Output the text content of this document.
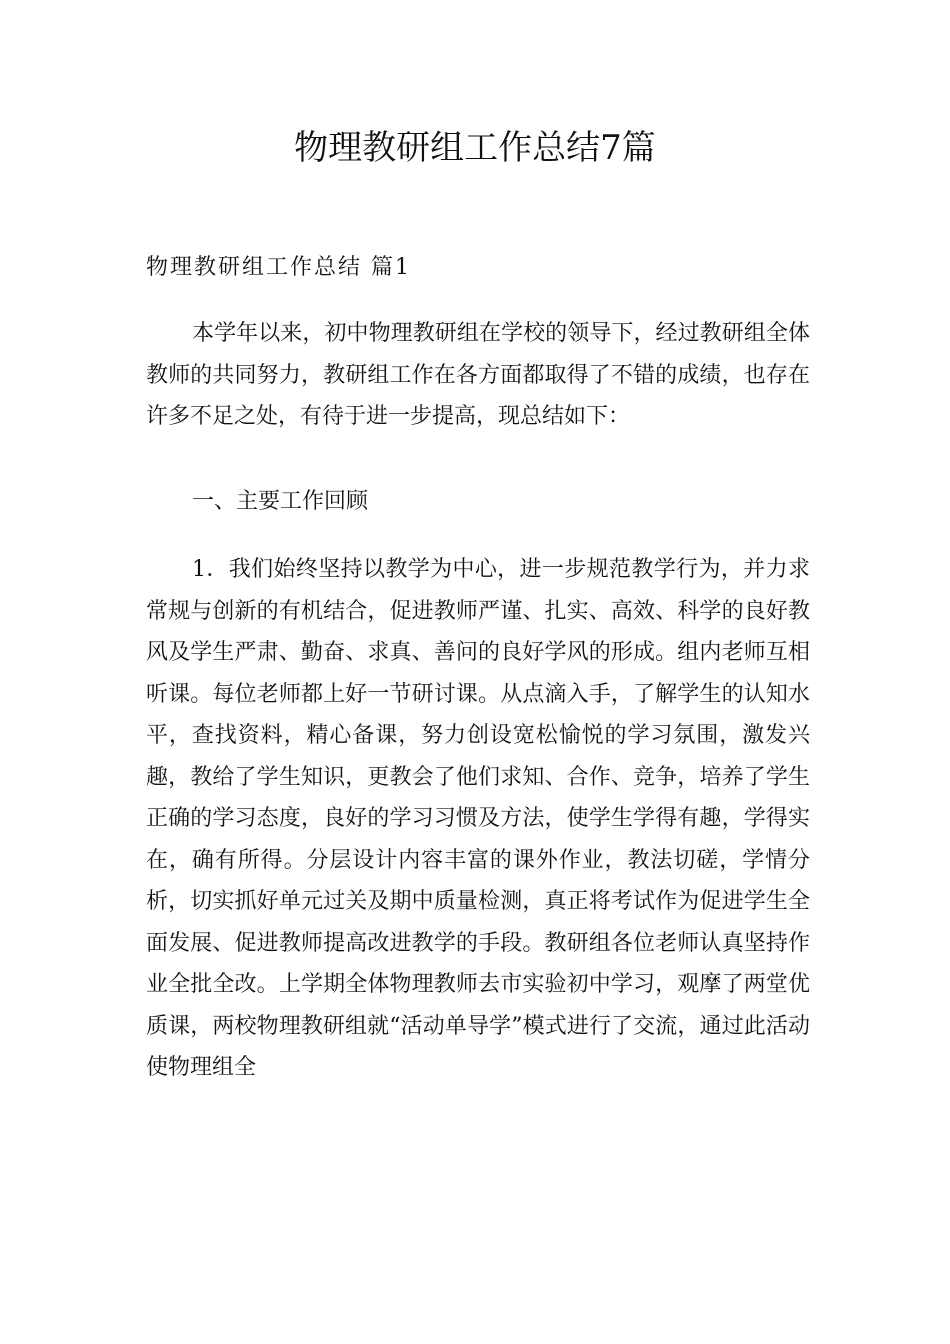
物理教研组工作总结7篇
物理教研组工作总结 篇1

本学年以来，初中物理教研组在学校的领导下，经过教研组全体教师的共同努力，教研组工作在各方面都取得了不错的成绩，也存在许多不足之处，有待于进一步提高，现总结如下：

一、主要工作回顾

1．我们始终坚持以教学为中心，进一步规范教学行为，并力求常规与创新的有机结合，促进教师严谨、扎实、高效、科学的良好教风及学生严肃、勤奋、求真、善问的良好学风的形成。组内老师互相听课。每位老师都上好一节研讨课。从点滴入手，了解学生的认知水平，查找资料，精心备课，努力创设宽松愉悦的学习氛围，激发兴趣，教给了学生知识，更教会了他们求知、合作、竞争，培养了学生正确的学习态度，良好的学习习惯及方法，使学生学得有趣，学得实在，确有所得。分层设计内容丰富的课外作业，教法切磋，学情分析，切实抓好单元过关及期中质量检测，真正将考试作为促进学生全面发展、促进教师提高改进教学的手段。教研组各位老师认真坚持作业全批全改。上学期全体物理教师去市实验初中学习，观摩了两堂优质课，两校物理教研组就“活动单导学”模式进行了交流，通过此活动使物理组全
